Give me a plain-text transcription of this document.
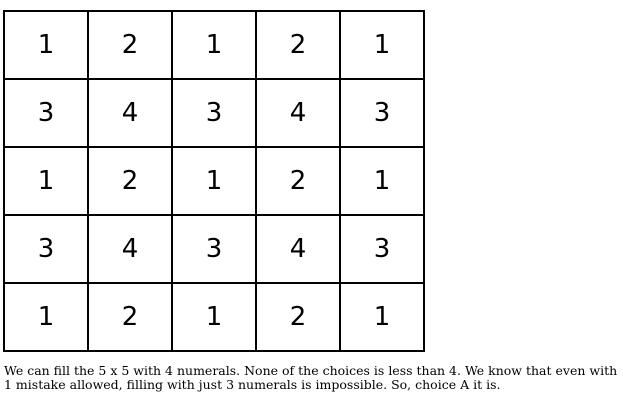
1	2	1	2	1
3	4	3	4	3
1	2	1	2	1
3	4	3	4	3
1	2	1	2	1

We can fill the 5 x 5 with 4 numerals. None of the choices is less than 4. We know that even with 1 mistake allowed, filling with just 3 numerals is impossible. So, choice A it is.
